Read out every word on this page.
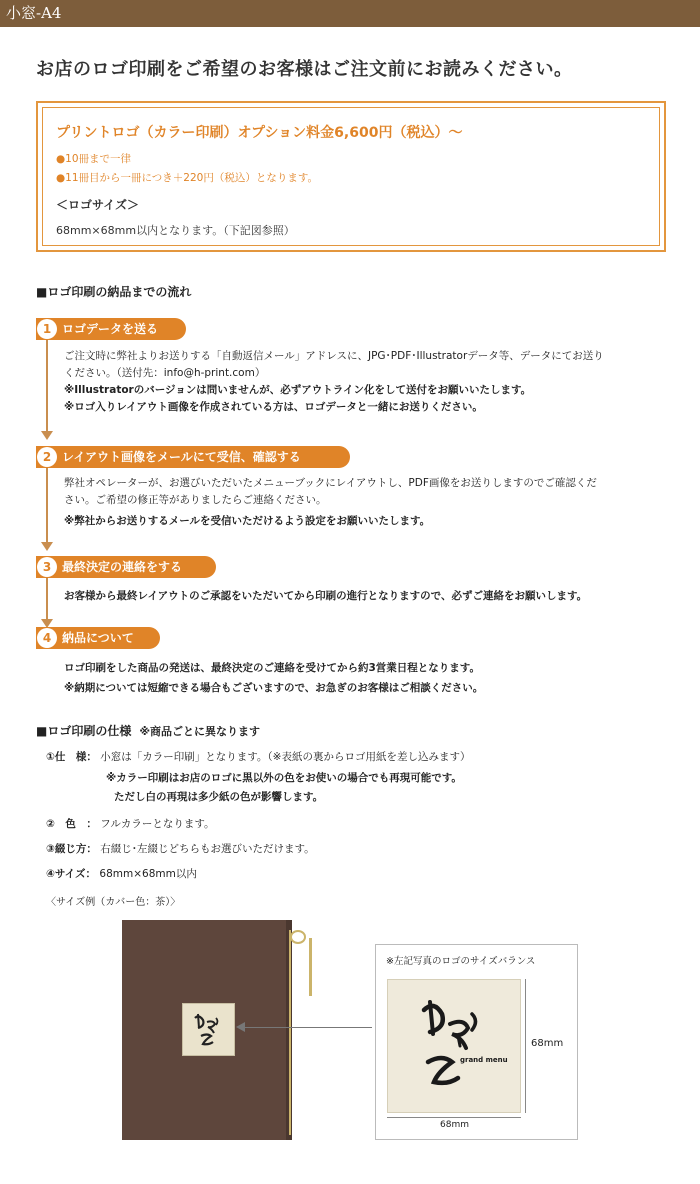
小窓-A4
お店のロゴ印刷をご希望のお客様はご注文前にお読みください。
プリントロゴ（カラー印刷）オプション料金6,600円（税込）～
●10冊まで一律
●11冊目から一冊につき＋220円（税込）となります。
＜ロゴサイズ＞
68mm×68mm以内となります。（下記図参照）
■ロゴ印刷の納品までの流れ
1 ロゴデータを送る

ご注文時に弊社よりお送りする「自動返信メール」アドレスに、JPG･PDF･Illustratorデータ等、データにてお送り

ください。（送付先：info@h-print.com）

※Illustratorのバージョンは問いませんが、必ずアウトライン化をして送付をお願いいたします。

※ロゴ入りレイアウト画像を作成されている方は、ロゴデータと一緒にお送りください。

2 レイアウト画像をメールにて受信、確認する

弊社オペレーターが、お選びいただいたメニューブックにレイアウトし、PDF画像をお送りしますのでご確認くだ

さい。ご希望の修正等がありましたらご連絡ください。

※弊社からお送りするメールを受信いただけるよう設定をお願いいたします。

3 最終決定の連絡をする

お客様から最終レイアウトのご承認をいただいてから印刷の進行となりますので、必ずご連絡をお願いします。

4 納品について

ロゴ印刷をした商品の発送は、最終決定のご連絡を受けてから約3営業日程となります。

※納期については短縮できる場合もございますので、お急ぎのお客様はご相談ください。

■ロゴ印刷の仕様 ※商品ごとに異なります
①仕　様： 小窓は「カラー印刷」となります。（※表紙の裏からロゴ用紙を差し込みます）
※カラー印刷はお店のロゴに黒以外の色をお使いの場合でも再現可能です。
ただし白の再現は多少紙の色が影響します。
②　色　： フルカラーとなります。
③綴じ方： 右綴じ･左綴じどちらもお選びいただけます。
④サイズ： 68mm×68mm以内
〈サイズ例（カバー色：茶）〉
※左記写真のロゴのサイズバランス
grand menu
68mm
68mm
